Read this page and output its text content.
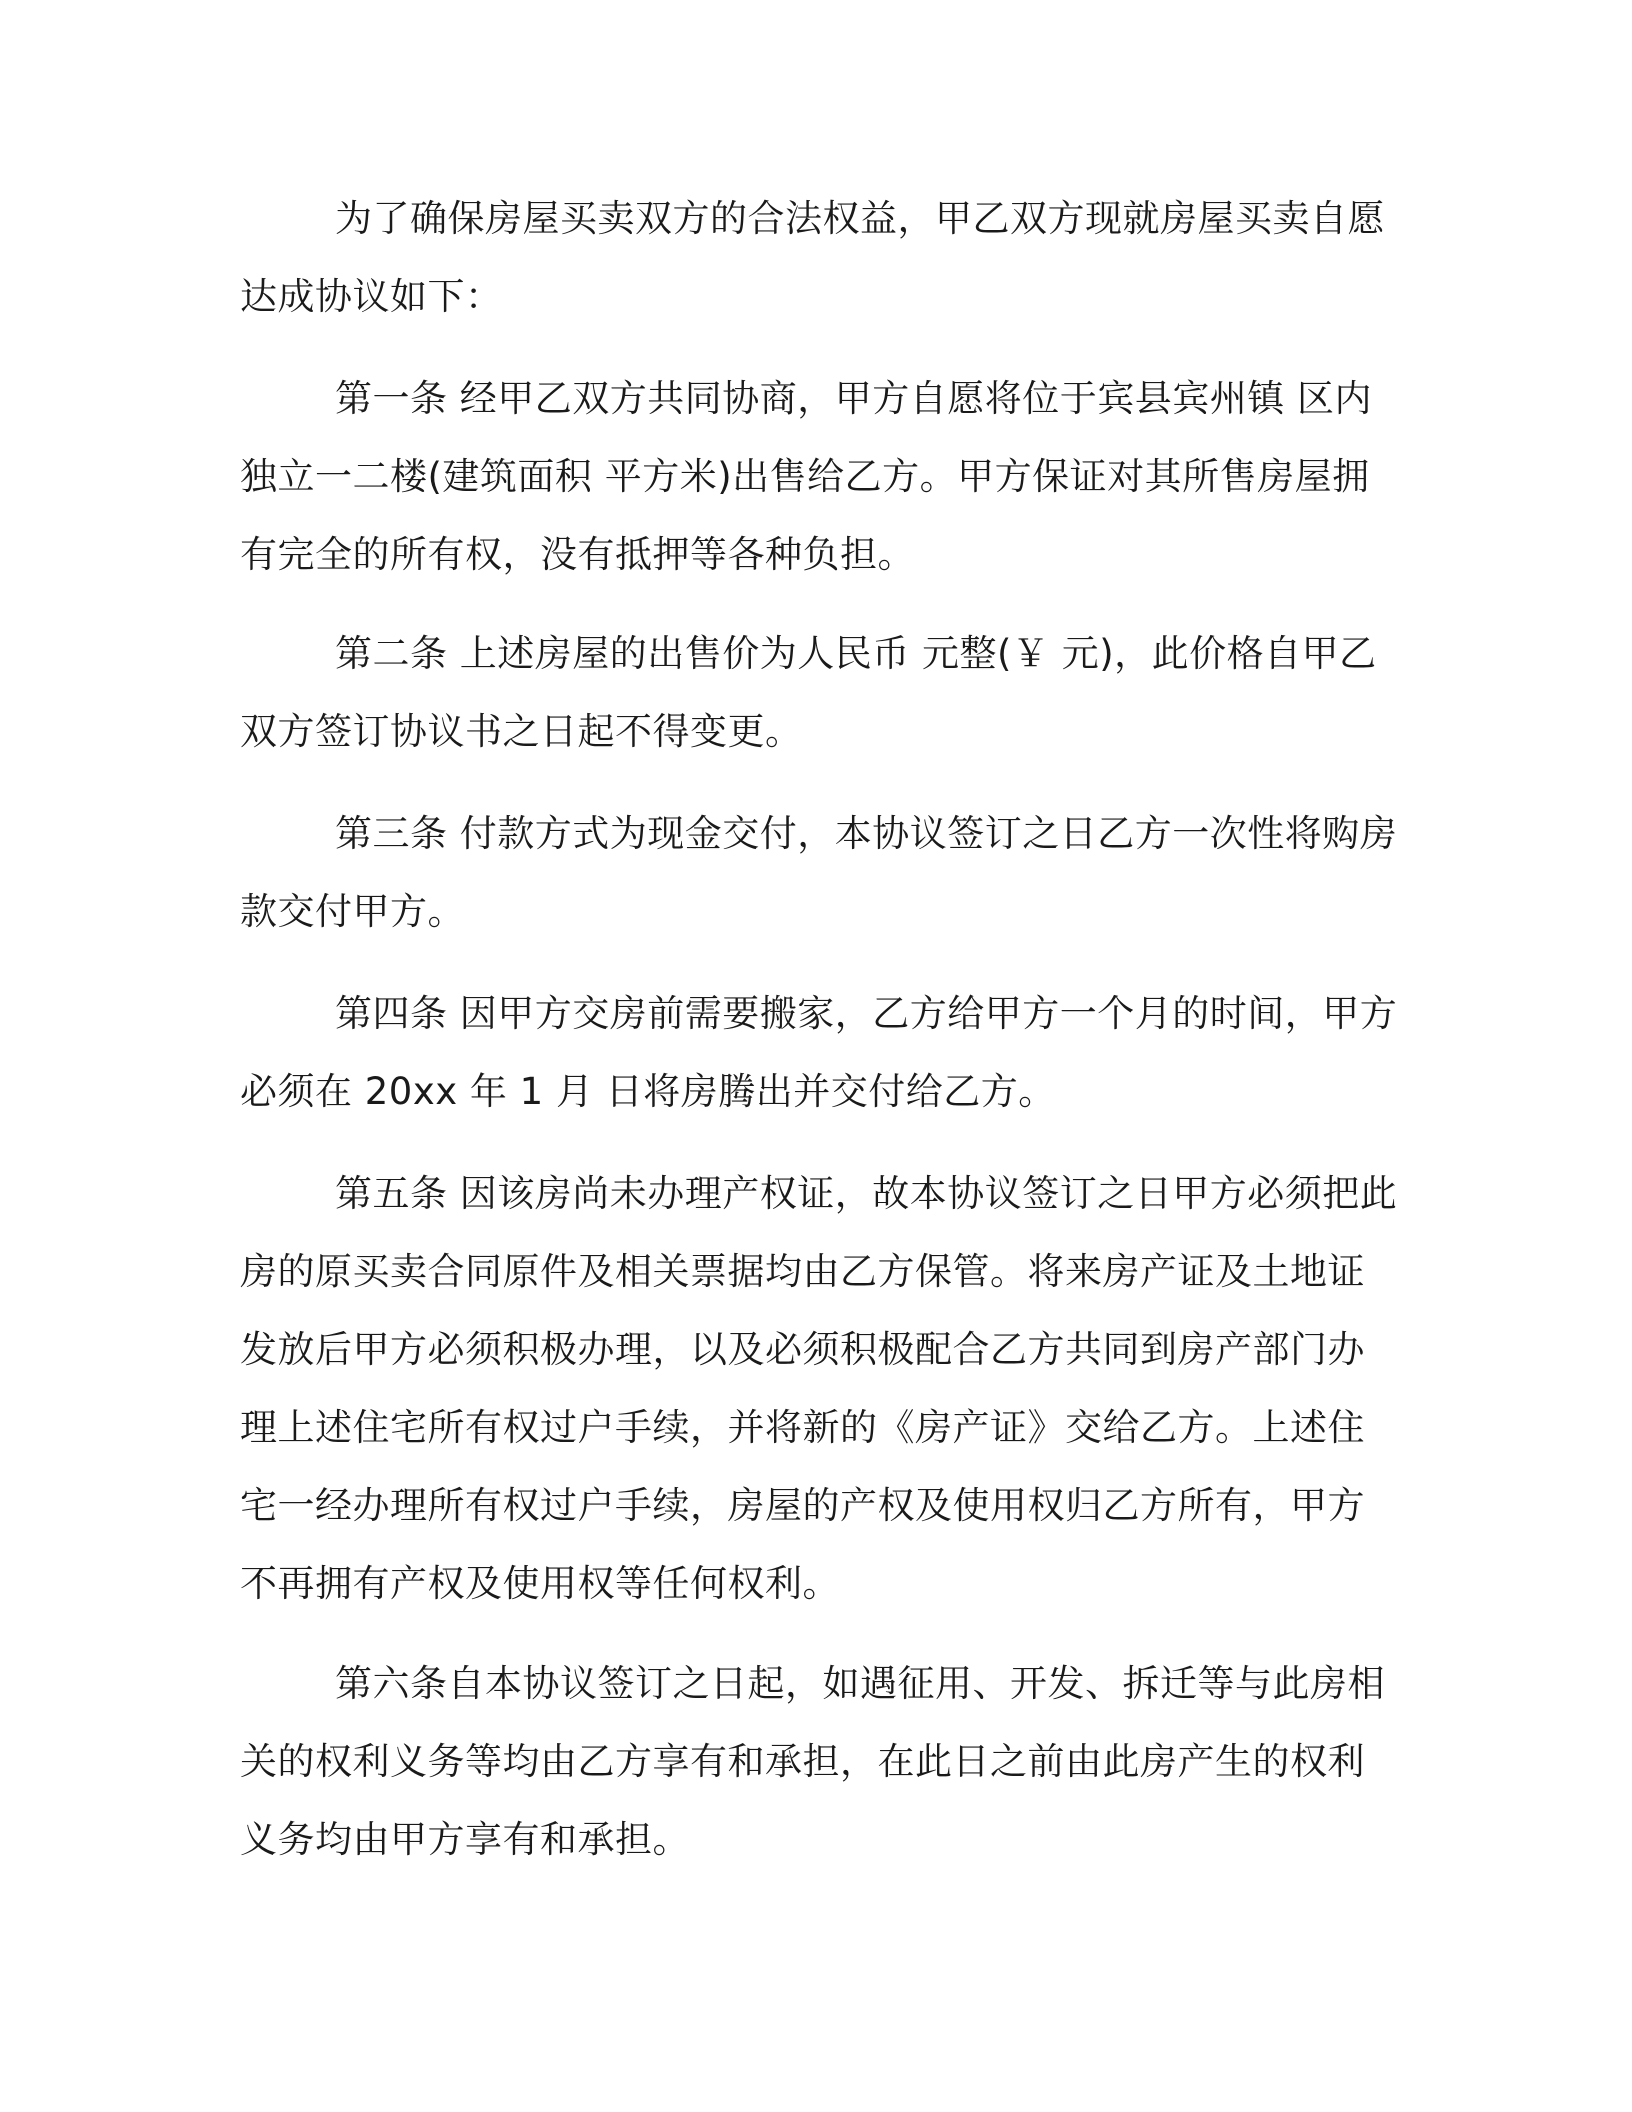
为了确保房屋买卖双方的合法权益，甲乙双方现就房屋买卖自愿
达成协议如下：
第一条 经甲乙双方共同协商，甲方自愿将位于宾县宾州镇 区内
独立一二楼(建筑面积 平方米)出售给乙方。甲方保证对其所售房屋拥
有完全的所有权，没有抵押等各种负担。
第二条 上述房屋的出售价为人民币 元整(￥ 元)，此价格自甲乙
双方签订协议书之日起不得变更。
第三条 付款方式为现金交付，本协议签订之日乙方一次性将购房
款交付甲方。
第四条 因甲方交房前需要搬家，乙方给甲方一个月的时间，甲方
必须在 20xx 年 1 月 日将房腾出并交付给乙方。
第五条 因该房尚未办理产权证，故本协议签订之日甲方必须把此
房的原买卖合同原件及相关票据均由乙方保管。将来房产证及土地证
发放后甲方必须积极办理，以及必须积极配合乙方共同到房产部门办
理上述住宅所有权过户手续，并将新的《房产证》交给乙方。上述住
宅一经办理所有权过户手续，房屋的产权及使用权归乙方所有，甲方
不再拥有产权及使用权等任何权利。
第六条自本协议签订之日起，如遇征用、开发、拆迁等与此房相
关的权利义务等均由乙方享有和承担，在此日之前由此房产生的权利
义务均由甲方享有和承担。
